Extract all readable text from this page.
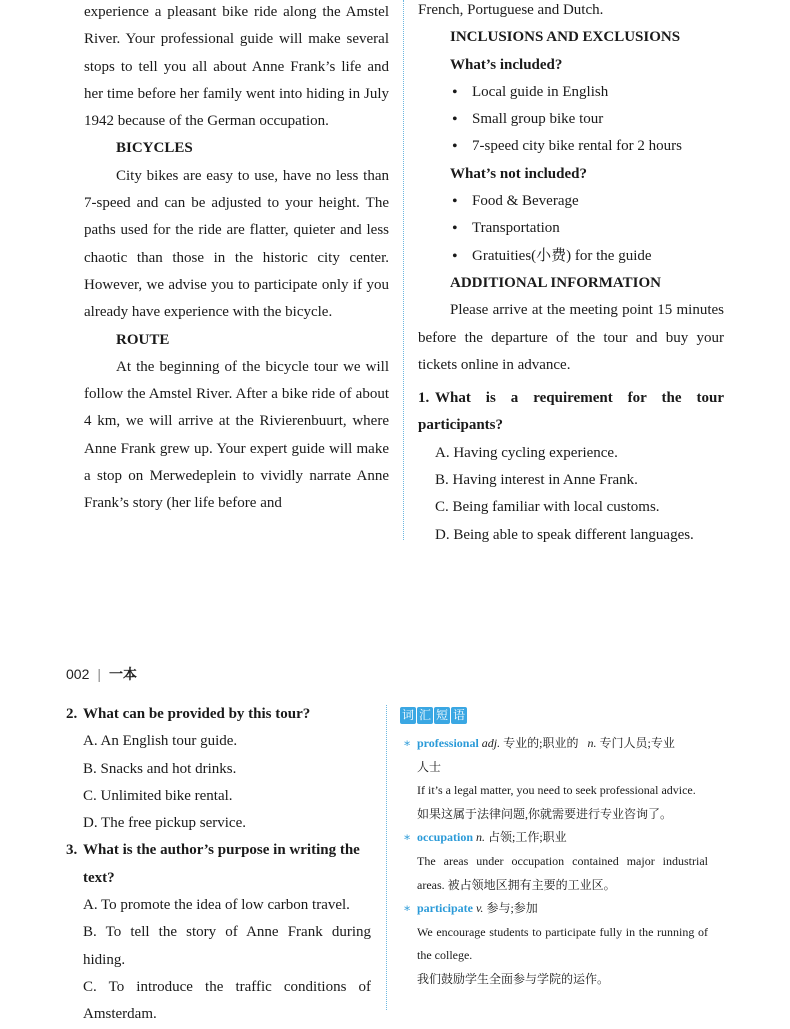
experience a pleasant bike ride along the Amstel River. Your professional guide will make several stops to tell you all about Anne Frank’s life and her time before her family went into hiding in July 1942 because of the German occupation.
BICYCLES
City bikes are easy to use, have no less than 7-speed and can be adjusted to your height. The paths used for the ride are flatter, quieter and less chaotic than those in the historic city center. However, we advise you to participate only if you already have experience with the bicycle.
ROUTE
At the beginning of the bicycle tour we will follow the Amstel River. After a bike ride of about 4 km, we will arrive at the Rivierenbuurt, where Anne Frank grew up. Your expert guide will make a stop on Merwedeplein to vividly narrate Anne Frank’s story (her life before and
French, Portuguese and Dutch.
INCLUSIONS AND EXCLUSIONS
What’s included?
• Local guide in English
• Small group bike tour
• 7-speed city bike rental for 2 hours
What’s not included?
• Food & Beverage
• Transportation
• Gratuities(小费) for the guide
ADDITIONAL INFORMATION
Please arrive at the meeting point 15 minutes before the departure of the tour and buy your tickets online in advance.
1. What is a requirement for the tour participants?
A. Having cycling experience.
B. Having interest in Anne Frank.
C. Being familiar with local customs.
D. Being able to speak different languages.
002 | 一本
2. What can be provided by this tour?
A. An English tour guide.
B. Snacks and hot drinks.
C. Unlimited bike rental.
D. The free pickup service.
3. What is the author’s purpose in writing the text?
A. To promote the idea of low carbon travel.
B. To tell the story of Anne Frank during hiding.
C. To introduce the traffic conditions of Amsterdam.
词 汇 短 语
∗ professional adj. 专业的;职业的 n. 专门人员;专业
人士
If it’s a legal matter, you need to seek professional advice.
如果这属于法律问题,你就需要进行专业咨询了。
∗ occupation n. 占领;工作;职业
The areas under occupation contained major industrial areas. 被占领地区拥有主要的工业区。
∗ participate v. 参与;参加
We encourage students to participate fully in the running of the college.
我们鼓励学生全面参与学院的运作。
